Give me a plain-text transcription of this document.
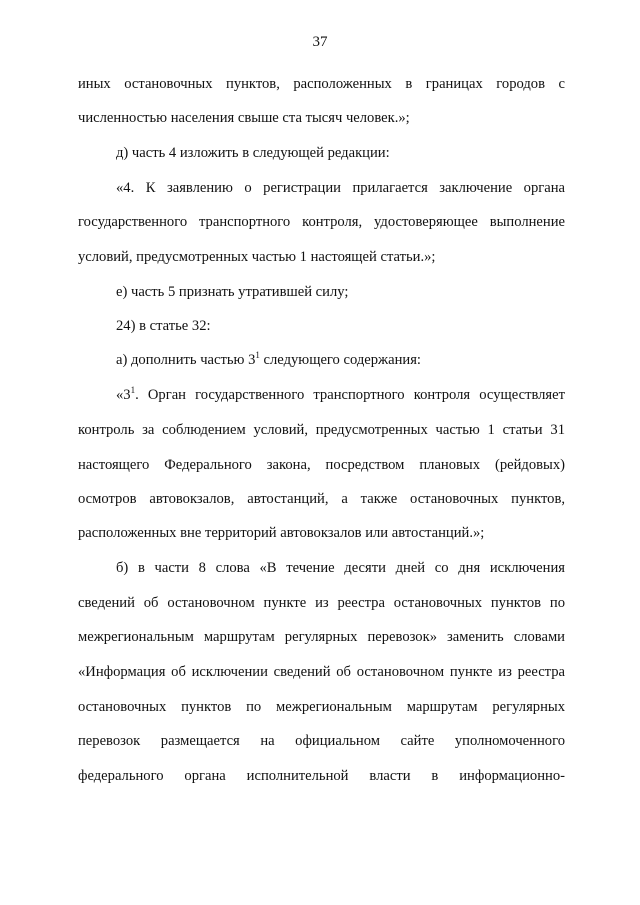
37
иных остановочных пунктов, расположенных в границах городов с
численностью населения свыше ста тысяч человек.»;
д) часть 4 изложить в следующей редакции:
«4. К заявлению о регистрации прилагается заключение органа
государственного транспортного контроля, удостоверяющее выполнение
условий, предусмотренных частью 1 настоящей статьи.»;
е) часть 5 признать утратившей силу;
24) в статье 32:
а) дополнить частью $3^1$ следующего содержания:
«$3^1$. Орган государственного транспортного контроля осуществляет
контроль за соблюдением условий, предусмотренных частью 1 статьи 31
настоящего Федерального закона, посредством плановых (рейдовых)
осмотров автовокзалов, автостанций, а также остановочных пунктов,
расположенных вне территорий автовокзалов или автостанций.»;
б) в части 8 слова «В течение десяти дней со дня исключения
сведений об остановочном пункте из реестра остановочных пунктов по
межрегиональным маршрутам регулярных перевозок» заменить словами
«Информация об исключении сведений об остановочном пункте из реестра
остановочных пунктов по межрегиональным маршрутам регулярных
перевозок размещается на официальном сайте уполномоченного
федерального органа исполнительной власти в информационно-
